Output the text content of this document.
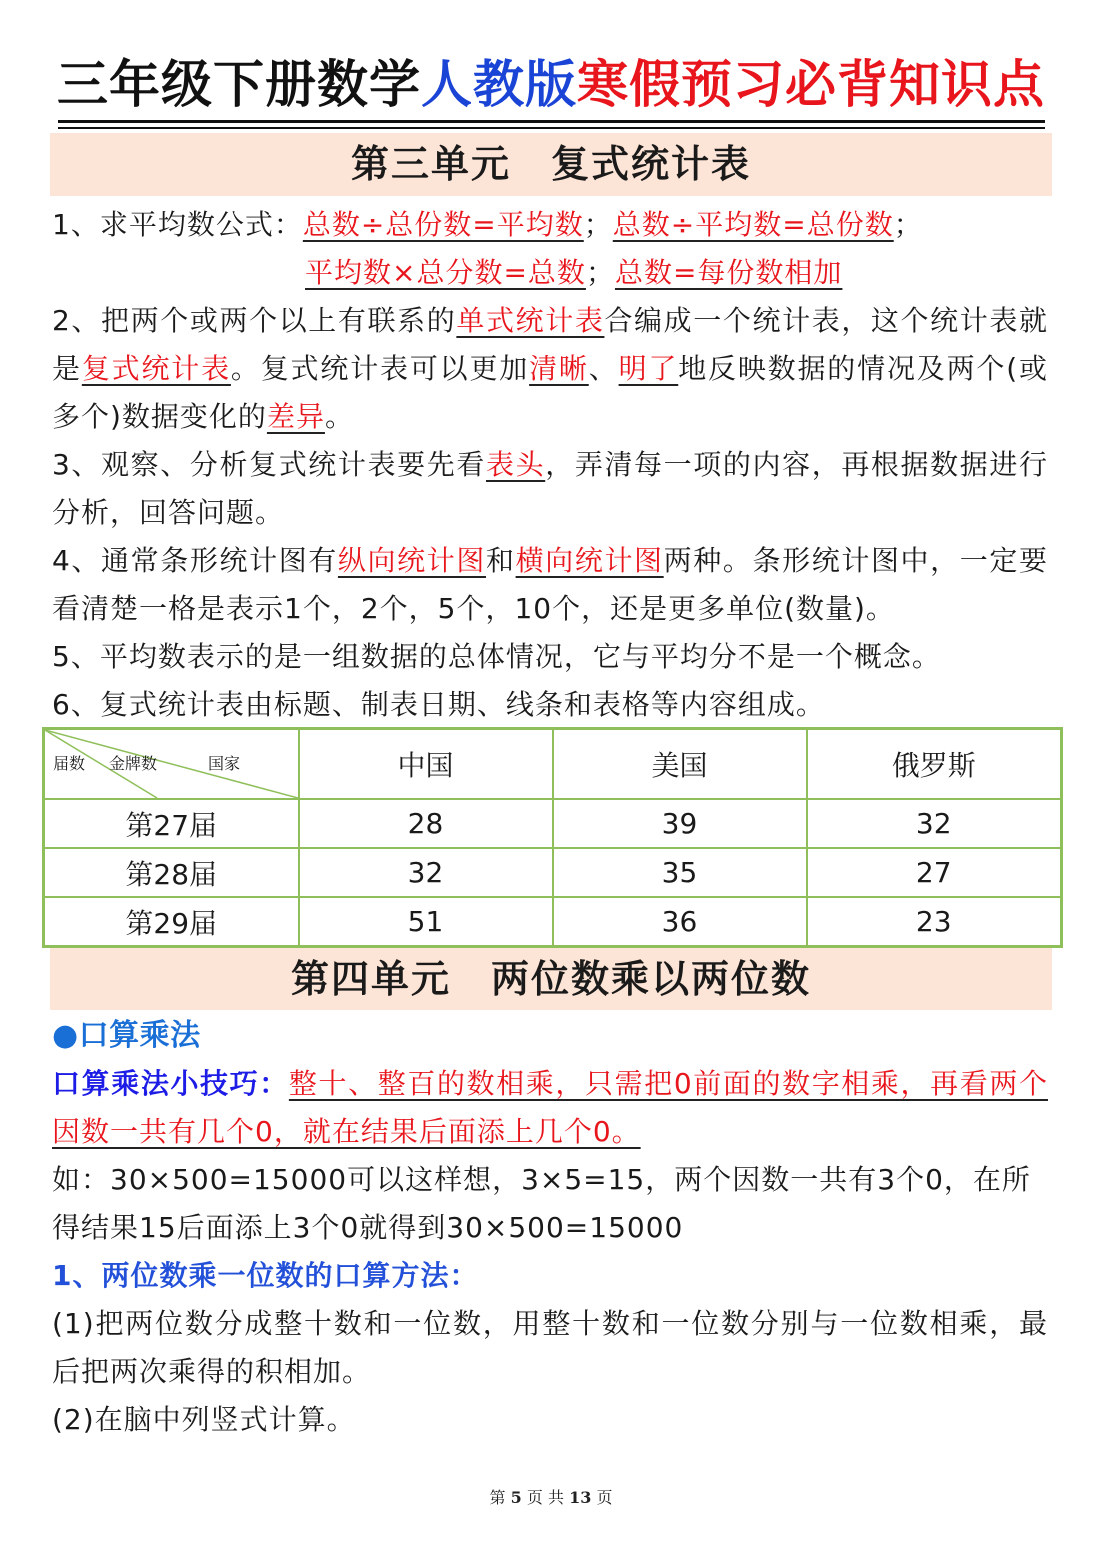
三年级下册数学人教版寒假预习必背知识点
第三单元　复式统计表
1、求平均数公式：总数÷总份数=平均数；总数÷平均数=总份数；
平均数×总分数=总数；总数=每份数相加
2、把两个或两个以上有联系的单式统计表合编成一个统计表，这个统计表就
是复式统计表。复式统计表可以更加清晰、明了地反映数据的情况及两个(或
多个)数据变化的差异。
3、观察、分析复式统计表要先看表头，弄清每一项的内容，再根据数据进行
分析，回答问题。
4、通常条形统计图有纵向统计图和横向统计图两种。条形统计图中，一定要
看清楚一格是表示1个，2个，5个，10个，还是更多单位(数量)。
5、平均数表示的是一组数据的总体情况，它与平均分不是一个概念。
6、复式统计表由标题、制表日期、线条和表格等内容组成。
届数 金牌数 国家	中国	美国	俄罗斯
第27届	28	39	32
第28届	32	35	27
第29届	51	36	23
第四单元　两位数乘以两位数
●口算乘法
口算乘法小技巧：整十、整百的数相乘，只需把0前面的数字相乘，再看两个
因数一共有几个0，就在结果后面添上几个0。
如：30×500=15000可以这样想，3×5=15，两个因数一共有3个0，在所
得结果15后面添上3个0就得到30×500=15000
1、两位数乘一位数的口算方法：
(1)把两位数分成整十数和一位数，用整十数和一位数分别与一位数相乘，最
后把两次乘得的积相加。
(2)在脑中列竖式计算。
第 5 页 共 13 页
